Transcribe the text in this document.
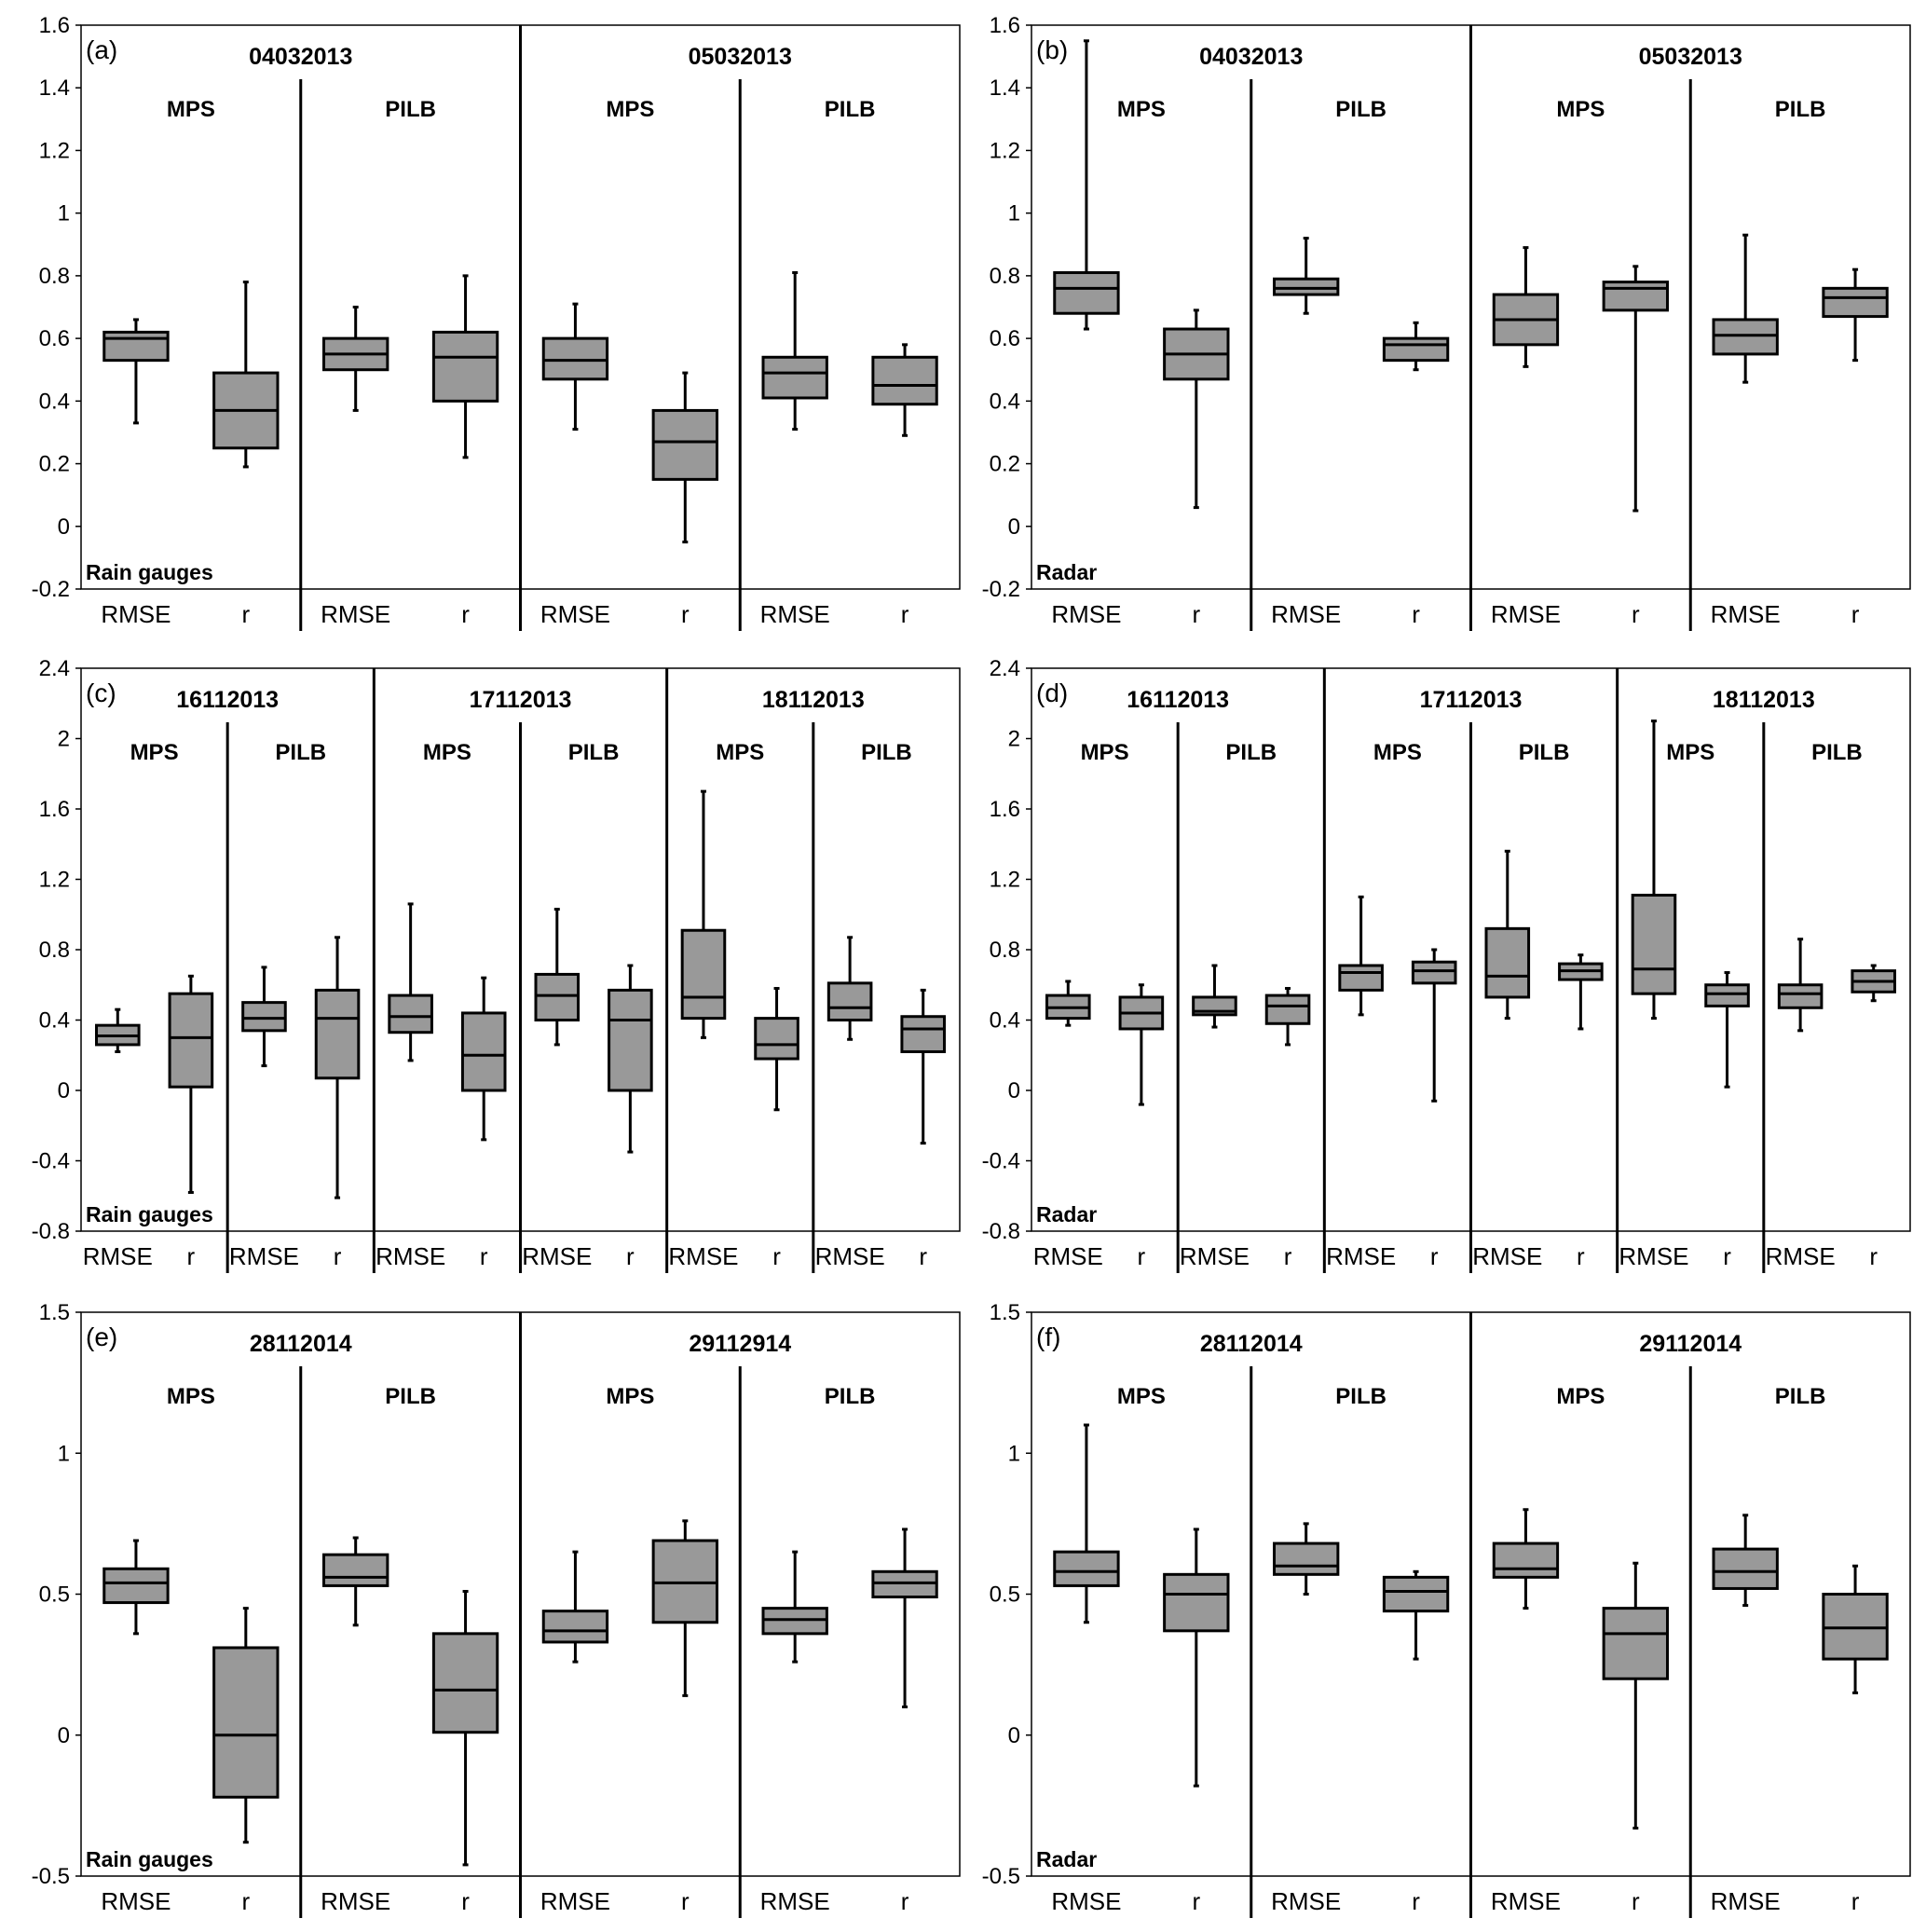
1.6
1.4
1.2
1
0.8
0.6
0.4
0.2
0
-0.2
04032013
MPS
RMSE	r
PILB
RMSE	r
05032013
MPS
RMSE	r
PILB
RMSE	r
(a)
Rain gauges
1.6
1.4
1.2
1
0.8
0.6
0.4
0.2
0
-0.2
04032013
MPS
RMSE	r
PILB
RMSE	r
05032013
MPS
RMSE	r
PILB
RMSE	r
(b)
Radar
2.4
2
1.6
1.2
0.8
0.4
0
-0.4
-0.8
16112013
MPS
RMSE r
PILB
RMSE r
17112013
MPS
RMSE r
PILB
RMSE r
18112013
MPS
RMSE r
PILB
RMSE r
(c)
Rain gauges
2.4
2
1.6
1.2
0.8
0.4
0
-0.4
-0.8
16112013
MPS
RMSE r
PILB
RMSE r
17112013
MPS
RMSE r
PILB
RMSE r
18112013
MPS
RMSE r
PILB
RMSE r
(d)
Radar
1.5
1
0.5
0
-0.5
28112014
MPS
RMSE	r
PILB
RMSE	r
29112914
MPS
RMSE	r
PILB
RMSE	r
(e)
Rain gauges
1.5
1
0.5
0
-0.5
28112014
MPS
RMSE	r
PILB
RMSE	r
29112014
MPS
RMSE	r
PILB
RMSE	r
(f)
Radar
